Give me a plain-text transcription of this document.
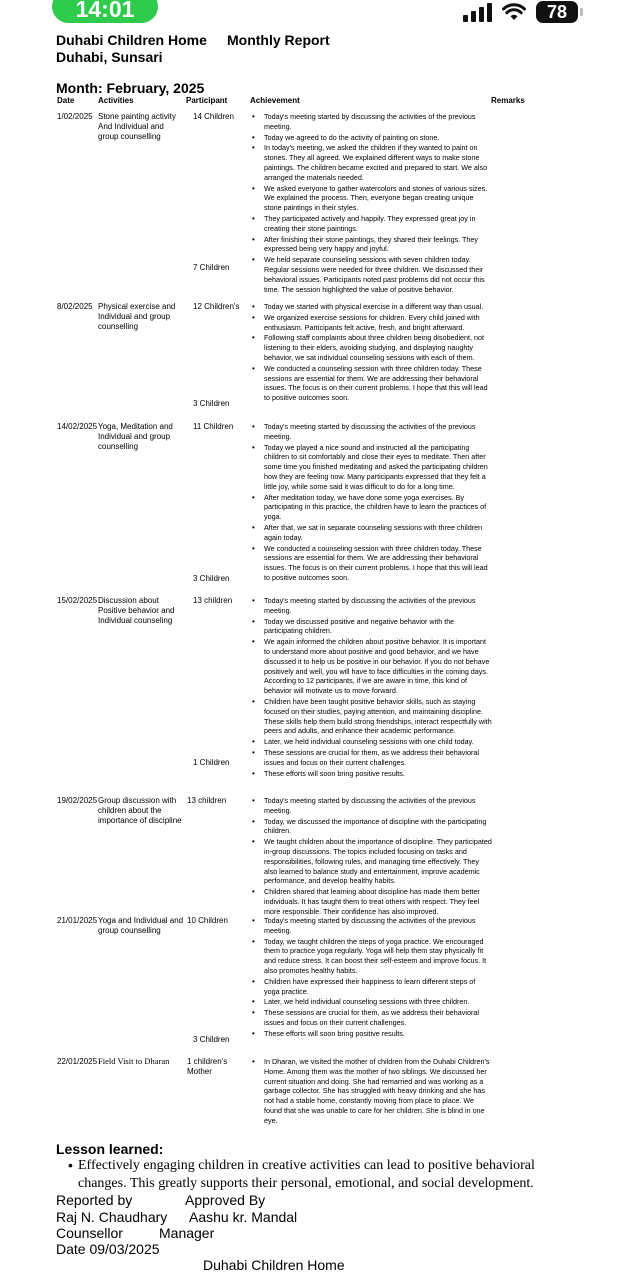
14:01	78
Duhabi Children Home Monthly Report
Duhabi, Sunsari
Month: February, 2025
Date	Activities	Participant	Achievement	Remarks
1/02/2025 Stone painting activity And Individual and group counselling
14 Children
7 Children
• Today's meeting started by discussing the activities of the previous meeting.
• Today we agreed to do the activity of painting on stone.
• In today's meeting, we asked the children if they wanted to paint on stones. They all agreed. We explained different ways to make stone paintings. The children became excited and prepared to start. We also arranged the materials needed.
• We asked everyone to gather watercolors and stones of various sizes. We explained the process. Then, everyone began creating unique stone paintings in their styles.
• They participated actively and happily. They expressed great joy in creating their stone paintings.
• After finishing their stone paintings, they shared their feelings. They expressed being very happy and joyful.
• We held separate counseling sessions with seven children today. Regular sessions were needed for three children. We discussed their behavioral issues. Participants noted past problems did not occur this time. The session highlighted the value of positive behavior.
8/02/2025 Physical exercise and Individual and group counselling
12 Children's
3 Children
• Today we started with physical exercise in a different way than usual.
• We organized exercise sessions for children. Every child joined with enthusiasm. Participants felt active, fresh, and bright afterward.
• Following staff complaints about three children being disobedient, not listening to their elders, avoiding studying, and displaying naughty behavior, we sat individual counseling sessions with each of them.
• We conducted a counseling session with three children today. These sessions are essential for them. We are addressing their behavioral issues. The focus is on their current problems. I hope that this will lead to positive outcomes soon.
14/02/2025 Yoga, Meditation and Individual and group counselling
11 Children
3 Children
• Today's meeting started by discussing the activities of the previous meeting.
• Today we played a nice sound and instructed all the participating children to sit comfortably and close their eyes to meditate. Then after some time you finished meditating and asked the participating children how they are feeling now. Many participants expressed that they felt a little joy, while some said it was difficult to do for a long time.
• After meditation today, we have done some yoga exercises. By participating in this practice, the children have to learn the practices of yoga.
• After that, we sat in separate counseling sessions with three children again today.
• We conducted a counseling session with three children today. These sessions are essential for them. We are addressing their behavioral issues. The focus is on their current problems. I hope that this will lead to positive outcomes soon.
15/02/2025 Discussion about Positive behavior and Individual counseling
13 children
1 Children
• Today's meeting started by discussing the activities of the previous meeting.
• Today we discussed positive and negative behavior with the participating children.
• We again informed the children about positive behavior. It is important to understand more about positive and good behavior, and we have discussed it to help us be positive in our behavior. If you do not behave positively and well, you will have to face difficulties in the coming days. According to 12 participants, if we are aware in time, this kind of behavior will motivate us to move forward.
• Children have been taught positive behavior skills, such as staying focused on their studies, paying attention, and maintaining discipline. These skills help them build strong friendships, interact respectfully with peers and adults, and enhance their academic performance.
• Later, we held individual counseling sessions with one child today.
• These sessions are crucial for them, as we address their behavioral issues and focus on their current challenges.
• These efforts will soon bring positive results.
19/02/2025 Group discussion with children about the importance of discipline
13 children
•	Today's meeting started by discussing the activities of the previous meeting.
• Today, we discussed the importance of discipline with the participating children.
• We taught children about the importance of discipline. They participated in-group discussions. The topics included focusing on tasks and responsibilities, following rules, and managing time effectively. They also learned to balance study and entertainment, improve academic performance, and develop healthy habits.
• Children shared that learning about discipline has made them better individuals. It has taught them to treat others with respect. They feel more responsible. Their confidence has also improved.
21/01/2025 Yoga and Individual and group counselling
10 Children
3 Children
• Today's meeting started by discussing the activities of the previous meeting.
• Today, we taught children the steps of yoga practice. We encouraged them to practice yoga regularly. Yoga will help them stay physically fit and reduce stress. It can boost their self-esteem and improve focus. It also promotes healthy habits.
• Children have expressed their happiness to learn different steps of yoga practice.
• Later, we held individual counseling sessions with three children.
• These sessions are crucial for them, as we address their behavioral issues and focus on their current challenges.
• These efforts will soon bring positive results.
22/01/2025 Field Visit to Dharan	1 children's Mother
• In Dharan, we visited the mother of children from the Duhabi Children's Home. Among them was the mother of two siblings. We discussed her current situation and doing. She had remarried and was working as a garbage collector. She has struggled with heavy drinking and she has not had a stable home, constantly moving from place to place. We found that she was unable to care for her children. She is blind in one eye.
Lesson learned:
• Effectively engaging children in creative activities can lead to positive behavioral changes. This greatly supports their personal, emotional, and social development.
Reported by	Approved By
Raj N. Chaudhary Aashu kr. Mandal
Counsellor	Manager
Date 09/03/2025
Duhabi Children Home
